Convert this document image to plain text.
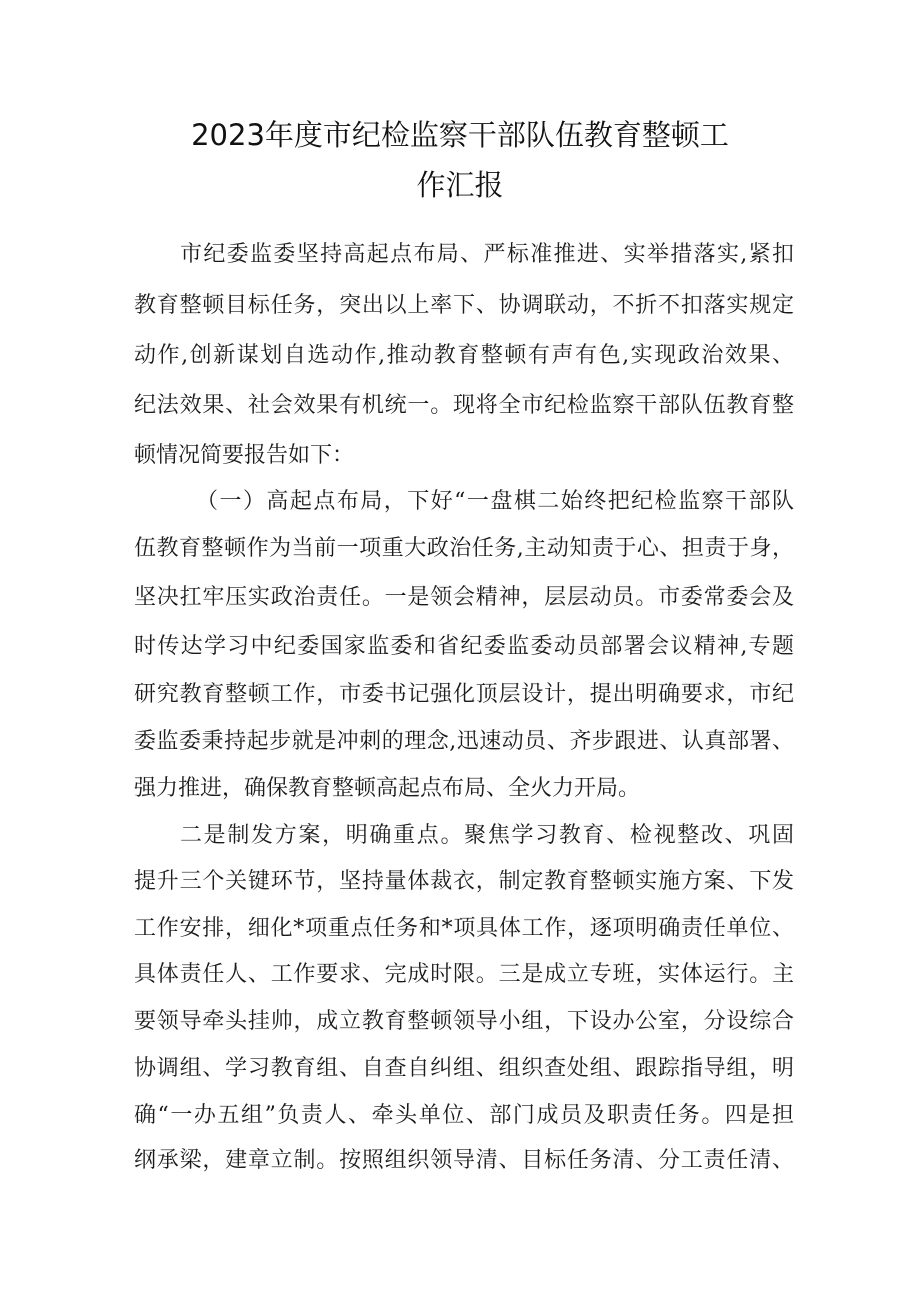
2023年度市纪检监察干部队伍教育整顿工
作汇报

市纪委监委坚持高起点布局、严标准推进、实举措落实,紧扣

教育整顿目标任务，突出以上率下、协调联动，不折不扣落实规定

动作,创新谋划自选动作,推动教育整顿有声有色,实现政治效果、

纪法效果、社会效果有机统一。现将全市纪检监察干部队伍教育整

顿情况简要报告如下：

（一）高起点布局，下好“一盘棋二始终把纪检监察干部队

伍教育整顿作为当前一项重大政治任务,主动知责于心、担责于身，

坚决扛牢压实政治责任。一是领会精神，层层动员。市委常委会及

时传达学习中纪委国家监委和省纪委监委动员部署会议精神,专题

研究教育整顿工作，市委书记强化顶层设计，提出明确要求，市纪

委监委秉持起步就是冲刺的理念,迅速动员、齐步跟进、认真部署、

强力推进，确保教育整顿高起点布局、全火力开局。

二是制发方案，明确重点。聚焦学习教育、检视整改、巩固

提升三个关键环节，坚持量体裁衣，制定教育整顿实施方案、下发

工作安排，细化*项重点任务和*项具体工作，逐项明确责任单位、

具体责任人、工作要求、完成时限。三是成立专班，实体运行。主

要领导牵头挂帅，成立教育整顿领导小组，下设办公室，分设综合

协调组、学习教育组、自查自纠组、组织查处组、跟踪指导组，明

确“一办五组”负责人、牵头单位、部门成员及职责任务。四是担

纲承梁，建章立制。按照组织领导清、目标任务清、分工责任清、
